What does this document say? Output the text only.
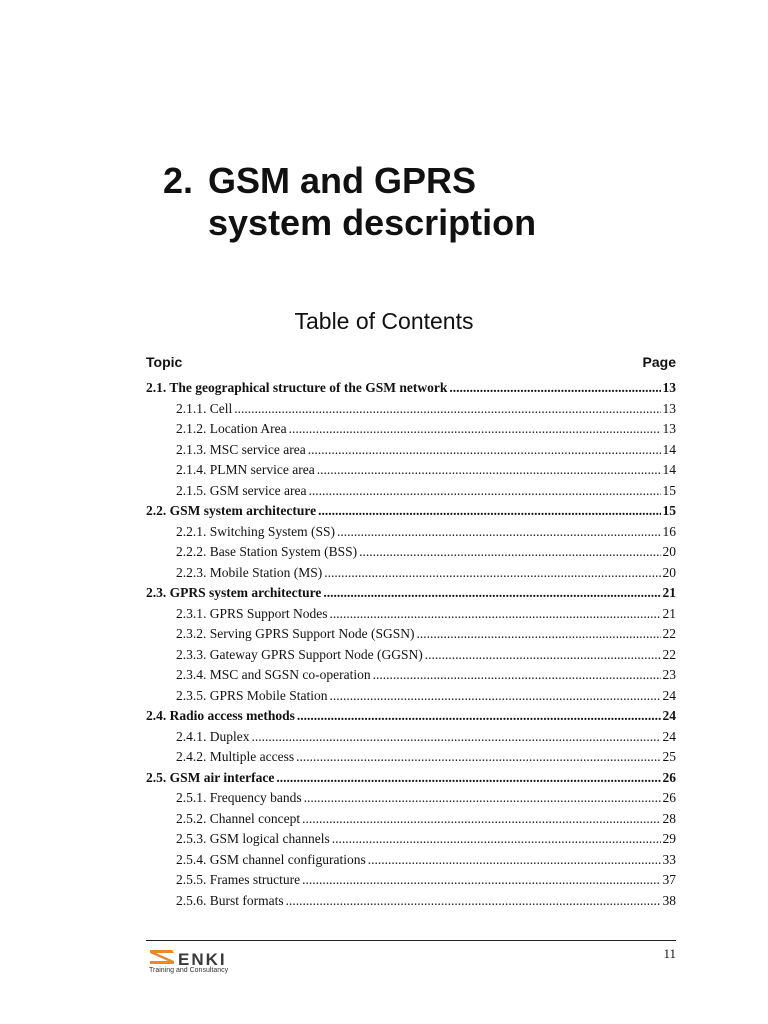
2. GSM and GPRS
system description
Table of Contents
Topic	Page
2.1. The geographical structure of the GSM network .....	13
2.1.1. Cell .....	13
2.1.2. Location Area .....	13
2.1.3. MSC service area .....	14
2.1.4. PLMN service area .....	14
2.1.5. GSM service area .....	15
2.2. GSM system architecture .....	15
2.2.1. Switching System (SS) .....	16
2.2.2. Base Station System (BSS) .....	20
2.2.3. Mobile Station (MS) .....	20
2.3. GPRS system architecture .....	21
2.3.1. GPRS Support Nodes .....	21
2.3.2. Serving GPRS Support Node (SGSN) .....	22
2.3.3. Gateway GPRS Support Node (GGSN) .....	22
2.3.4. MSC and SGSN co-operation .....	23
2.3.5. GPRS Mobile Station .....	24
2.4. Radio access methods .....	24
2.4.1. Duplex .....	24
2.4.2. Multiple access .....	25
2.5. GSM air interface .....	26
2.5.1. Frequency bands .....	26
2.5.2. Channel concept .....	28
2.5.3. GSM logical channels .....	29
2.5.4. GSM channel configurations .....	33
2.5.5. Frames structure .....	37
2.5.6. Burst formats .....	38
ENKI
Training and Consultancy
11
